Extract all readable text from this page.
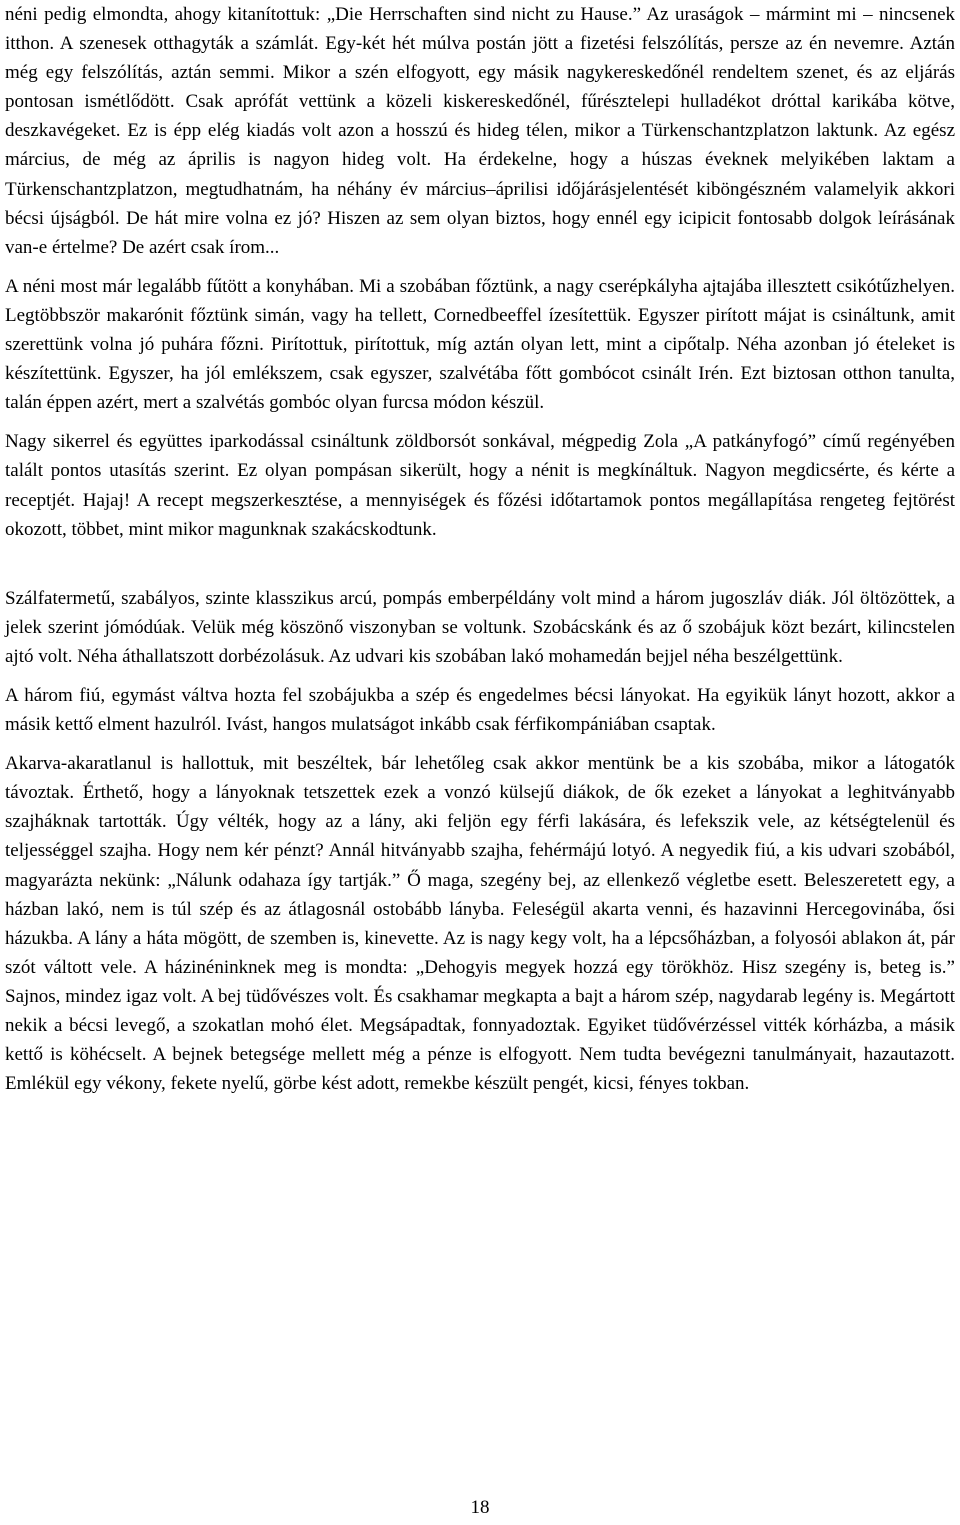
néni pedig elmondta, ahogy kitanítottuk: „Die Herrschaften sind nicht zu Hause.” Az uraságok – mármint mi – nincsenek itthon. A szenesek otthagyták a számlát. Egy-két hét múlva postán jött a fizetési felszólítás, persze az én nevemre. Aztán még egy felszólítás, aztán semmi. Mikor a szén elfogyott, egy másik nagykereskedőnél rendeltem szenet, és az eljárás pontosan ismétlődött. Csak aprófát vettünk a közeli kiskereskedőnél, fűrésztelepi hulladékot dróttal karikába kötve, deszkavégeket. Ez is épp elég kiadás volt azon a hosszú és hideg télen, mikor a Türkenschantzplatzon laktunk. Az egész március, de még az április is nagyon hideg volt. Ha érdekelne, hogy a húszas éveknek melyikében laktam a Türkenschantzplatzon, megtudhatnám, ha néhány év március–áprilisi időjárásjelentését kiböngészném valamelyik akkori bécsi újságból. De hát mire volna ez jó? Hiszen az sem olyan biztos, hogy ennél egy icipicit fontosabb dolgok leírásának van-e értelme? De azért csak írom...

A néni most már legalább fűtött a konyhában. Mi a szobában főztünk, a nagy cserépkályha ajtajába illesztett csikótűzhelyen. Legtöbbször makarónit főztünk simán, vagy ha tellett, Cornedbeeffel ízesítettük. Egyszer pirított májat is csináltunk, amit szerettünk volna jó puhára főzni. Pirítottuk, pirítottuk, míg aztán olyan lett, mint a cipőtalp. Néha azonban jó ételeket is készítettünk. Egyszer, ha jól emlékszem, csak egyszer, szalvétába főtt gombócot csinált Irén. Ezt biztosan otthon tanulta, talán éppen azért, mert a szalvétás gombóc olyan furcsa módon készül.

Nagy sikerrel és együttes iparkodással csináltunk zöldborsót sonkával, mégpedig Zola „A patkányfogó” című regényében talált pontos utasítás szerint. Ez olyan pompásan sikerült, hogy a nénit is megkínáltuk. Nagyon megdicsérte, és kérte a receptjét. Hajaj! A recept megszerkesztése, a mennyiségek és főzési időtartamok pontos megállapítása rengeteg fejtörést okozott, többet, mint mikor magunknak szakácskodtunk.

Szálfatermetű, szabályos, szinte klasszikus arcú, pompás emberpéldány volt mind a három jugoszláv diák. Jól öltözöttek, a jelek szerint jómódúak. Velük még köszönő viszonyban se voltunk. Szobácskánk és az ő szobájuk közt bezárt, kilincstelen ajtó volt. Néha áthallatszott dorbézolásuk. Az udvari kis szobában lakó mohamedán bejjel néha beszélgettünk.

A három fiú, egymást váltva hozta fel szobájukba a szép és engedelmes bécsi lányokat. Ha egyikük lányt hozott, akkor a másik kettő elment hazulról. Ivást, hangos mulatságot inkább csak férfikompániában csaptak.

Akarva-akaratlanul is hallottuk, mit beszéltek, bár lehetőleg csak akkor mentünk be a kis szobába, mikor a látogatók távoztak. Érthető, hogy a lányoknak tetszettek ezek a vonzó külsejű diákok, de ők ezeket a lányokat a leghitványabb szajháknak tartották. Úgy vélték, hogy az a lány, aki feljön egy férfi lakására, és lefekszik vele, az kétségtelenül és teljességgel szajha. Hogy nem kér pénzt? Annál hitványabb szajha, fehérmájú lotyó. A negyedik fiú, a kis udvari szobából, magyarázta nekünk: „Nálunk odahaza így tartják.” Ő maga, szegény bej, az ellenkező végletbe esett. Beleszeretett egy, a házban lakó, nem is túl szép és az átlagosnál ostobább lányba. Feleségül akarta venni, és hazavinni Hercegovinába, ősi házukba. A lány a háta mögött, de szemben is, kinevette. Az is nagy kegy volt, ha a lépcsőházban, a folyosói ablakon át, pár szót váltott vele. A házinéninknek meg is mondta: „Dehogyis megyek hozzá egy törökhöz. Hisz szegény is, beteg is.” Sajnos, mindez igaz volt. A bej tüdővészes volt. És csakhamar megkapta a bajt a három szép, nagydarab legény is. Megártott nekik a bécsi levegő, a szokatlan mohó élet. Megsápadtak, fonnyadoztak. Egyiket tüdővérzéssel vitték kórházba, a másik kettő is köhécselt. A bejnek betegsége mellett még a pénze is elfogyott. Nem tudta bevégezni tanulmányait, hazautazott. Emlékül egy vékony, fekete nyelű, görbe kést adott, remekbe készült pengét, kicsi, fényes tokban.

18
